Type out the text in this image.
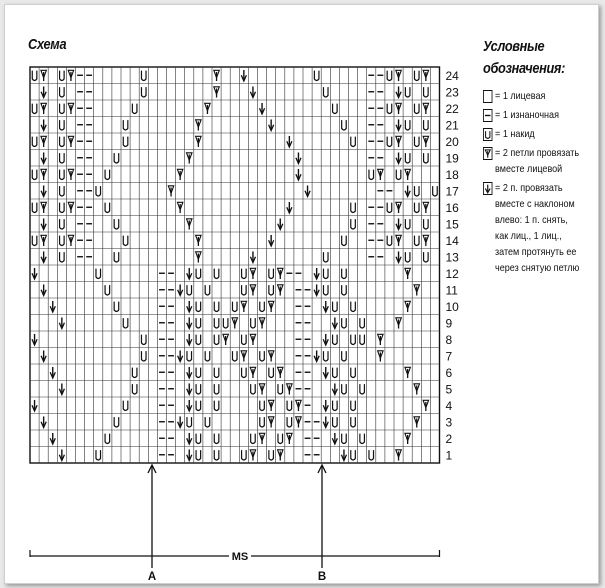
Схема
24
23
22
21
20
19
18
17
16
15
14
13
12
11
10
9
8
7
6
5
4
3
2
1
MS
A	B
Условные
обозначения:
= 1 лицевая
= 1 изнаночная
= 1 накид
= 2 петли провязать
вместе лицевой
= 2 п. провязать
вместе с наклоном
влево: 1 п. снять,
как лиц., 1 лиц.,
затем протянуть ее
через снятую петлю
